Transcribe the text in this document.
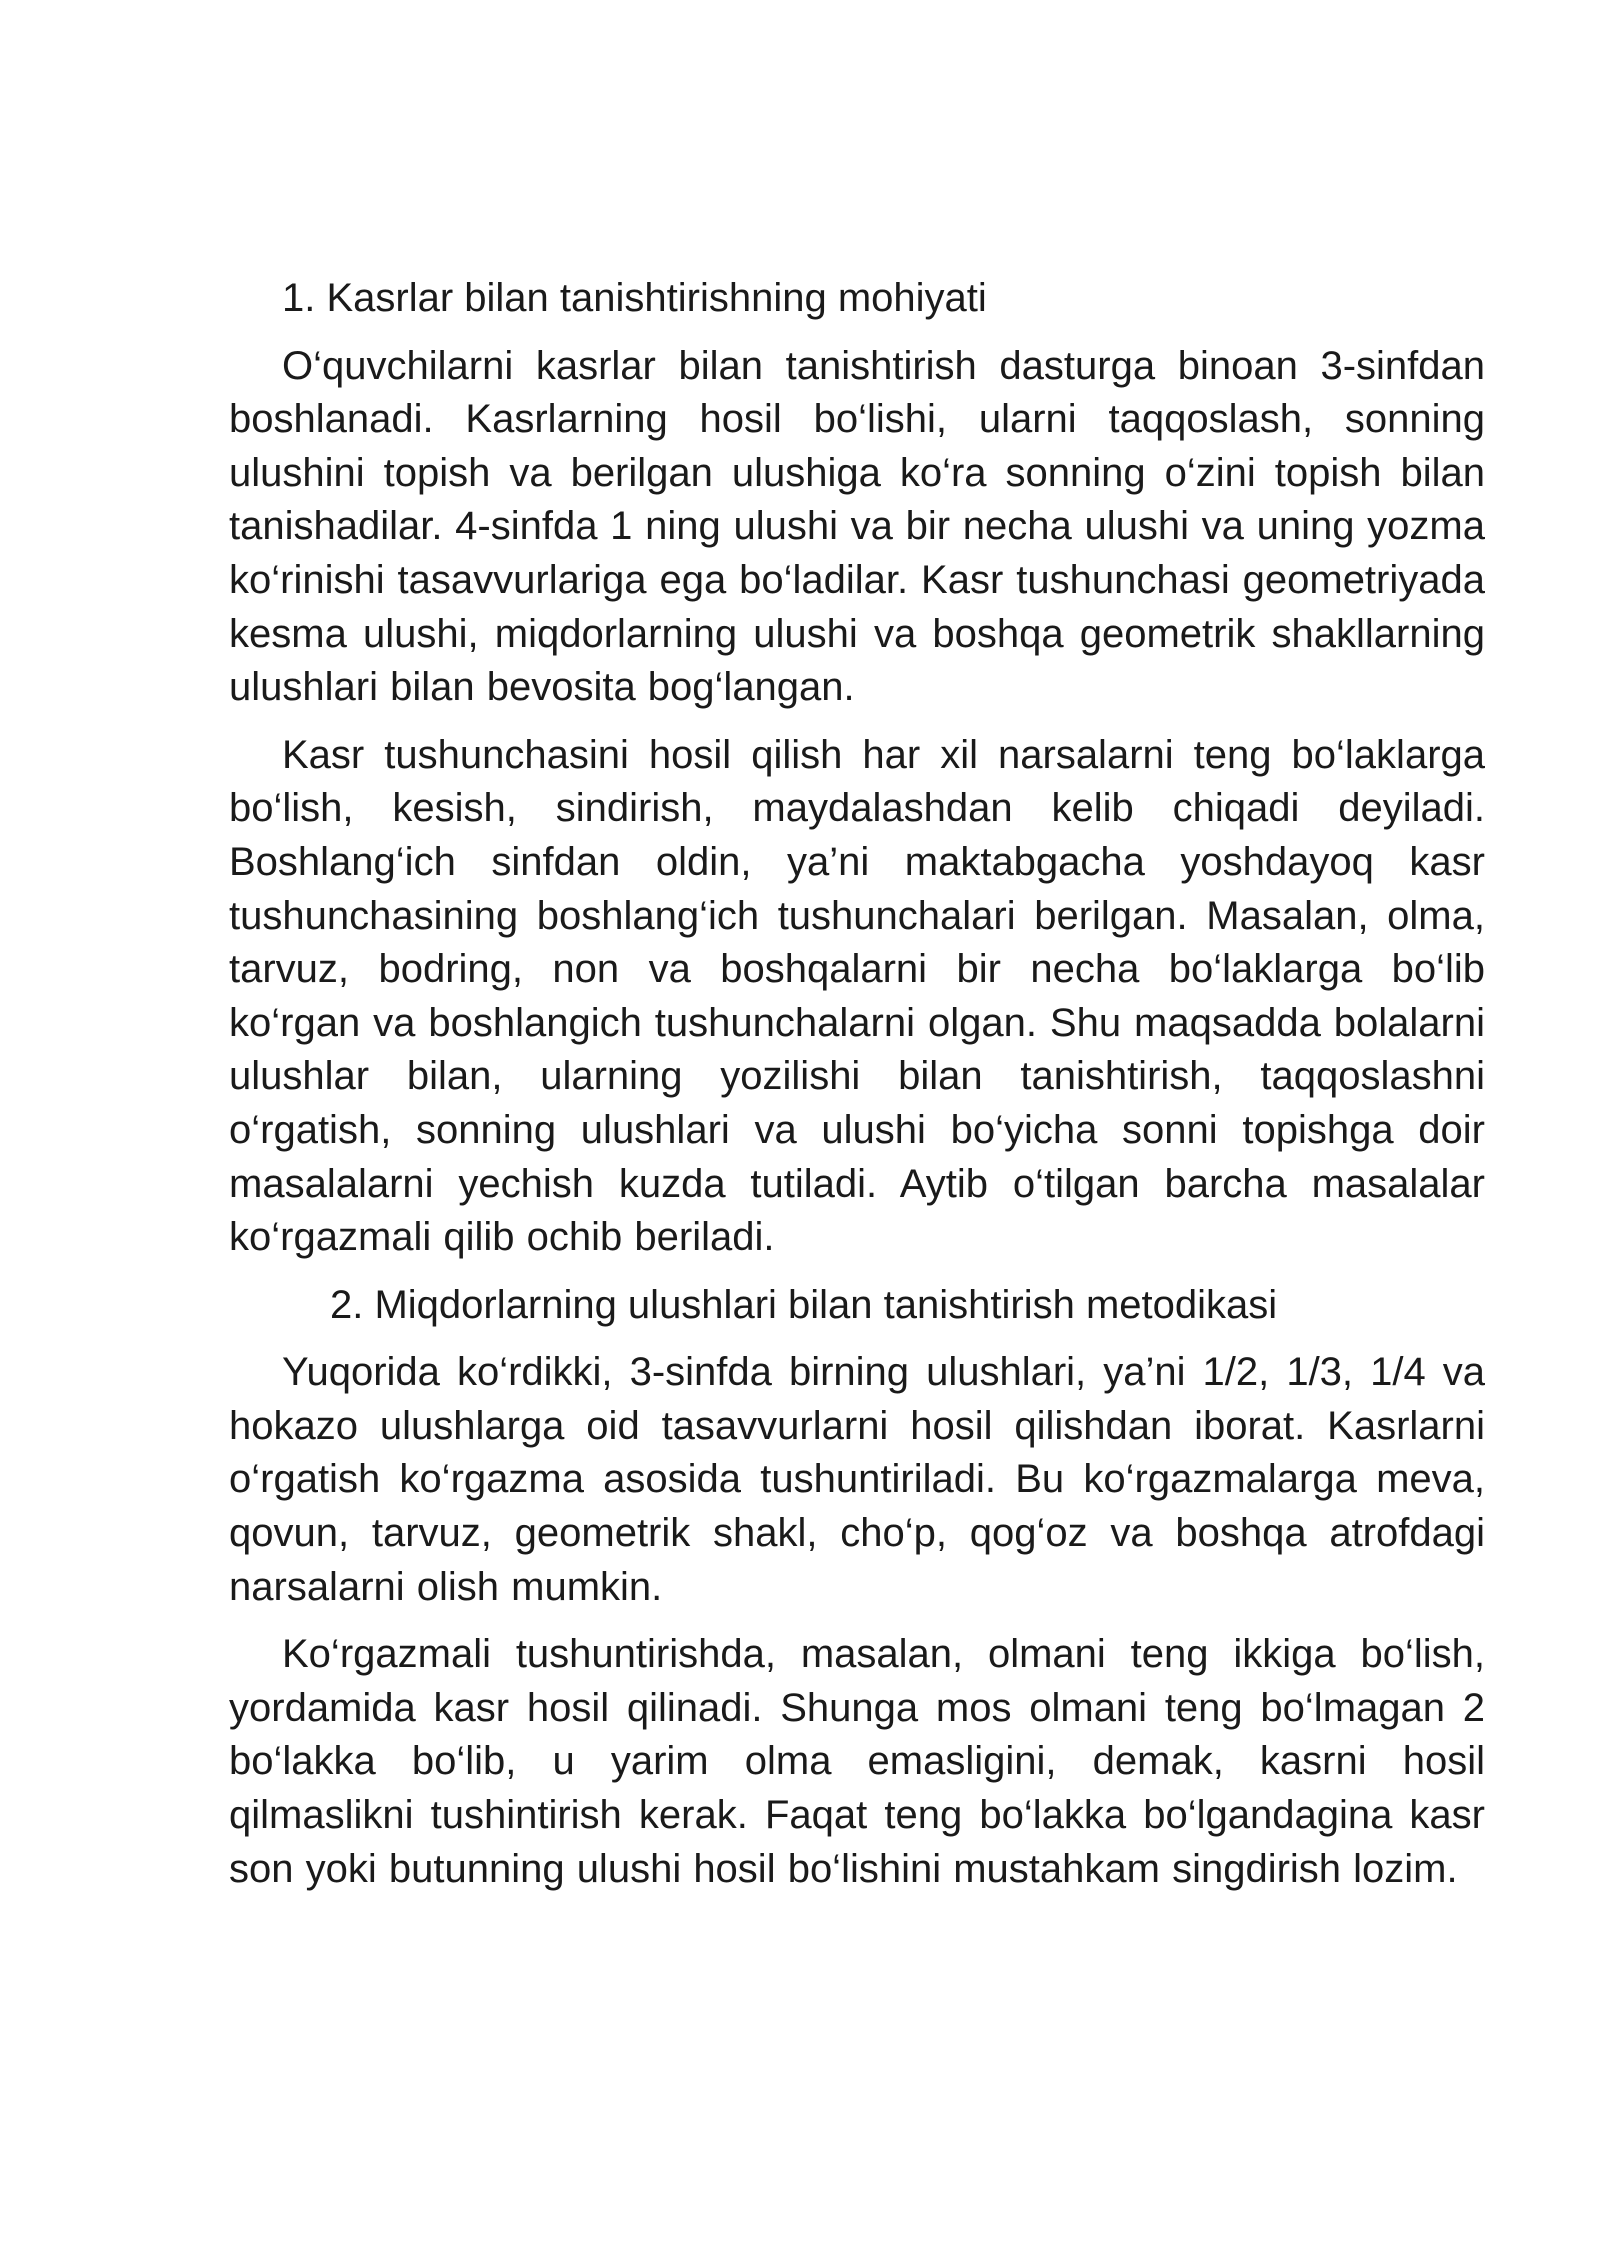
1. Kasrlar bilan tanishtirishning mohiyati

O‘quvchilarni kasrlar bilan tanishtirish dasturga binoan 3-sinfdan boshlanadi. Kasrlarning hosil bo‘lishi, ularni taqqoslash, sonning ulushini topish va berilgan ulushiga ko‘ra sonning o‘zini topish bilan tanishadilar. 4-sinfda 1 ning ulushi va bir necha ulushi va uning yozma ko‘rinishi tasavvurlariga ega bo‘ladilar. Kasr tushunchasi geometriyada kesma ulushi, miqdorlarning ulushi va boshqa geometrik shakllarning ulushlari bilan bevosita bog‘langan.

Kasr tushunchasini hosil qilish har xil narsalarni teng bo‘laklarga bo‘lish, kesish, sindirish, maydalashdan kelib chiqadi deyiladi. Boshlang‘ich sinfdan oldin, ya’ni maktabgacha yoshdayoq kasr tushunchasining boshlang‘ich tushunchalari berilgan. Masalan, olma, tarvuz, bodring, non va boshqalarni bir necha bo‘laklarga bo‘lib ko‘rgan va boshlangich tushunchalarni olgan. Shu maqsadda bolalarni ulushlar bilan, ularning yozilishi bilan tanishtirish, taqqoslashni o‘rgatish, sonning ulushlari va ulushi bo‘yicha sonni topishga doir masalalarni yechish kuzda tutiladi. Aytib o‘tilgan barcha masalalar ko‘rgazmali qilib ochib beriladi.

2. Miqdorlarning ulushlari bilan tanishtirish metodikasi

Yuqorida ko‘rdikki, 3-sinfda birning ulushlari, ya’ni 1/2, 1/3, 1/4 va hokazo ulushlarga oid tasavvurlarni hosil qilishdan iborat. Kasrlarni o‘rgatish ko‘rgazma asosida tushuntiriladi. Bu ko‘rgazmalarga meva, qovun, tarvuz, geometrik shakl, cho‘p, qog‘oz va boshqa atrofdagi narsalarni olish mumkin.

Ko‘rgazmali tushuntirishda, masalan, olmani teng ikkiga bo‘lish, yordamida kasr hosil qilinadi. Shunga mos olmani teng bo‘lmagan 2 bo‘lakka bo‘lib, u yarim olma emasligini, demak, kasrni hosil qilmaslikni tushintirish kerak. Faqat teng bo‘lakka bo‘lgandagina kasr son yoki butunning ulushi hosil bo‘lishini mustahkam singdirish lozim.
